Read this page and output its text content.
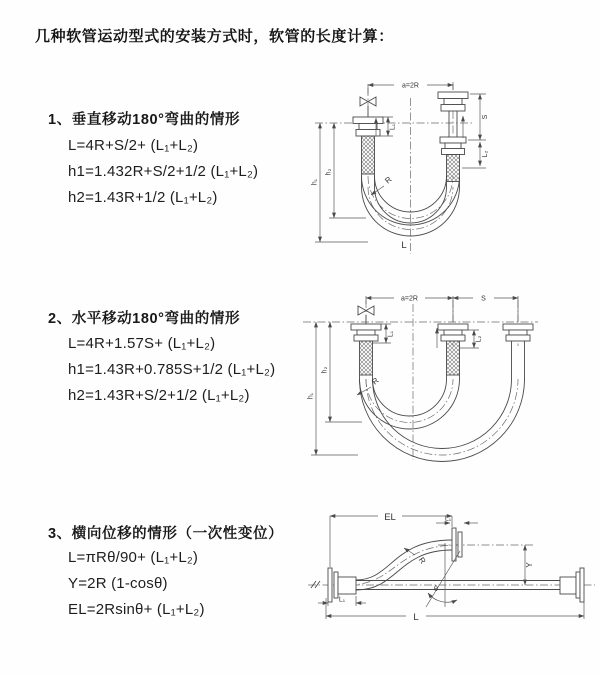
几种软管运动型式的安装方式时，软管的长度计算：
1、垂直移动180°弯曲的情形
L=4R+S/2+ (L₁+L₂)
h1=1.432R+S/2+1/2 (L₁+L₂)
h2=1.43R+1/2 (L₁+L₂)
2、水平移动180°弯曲的情形
L=4R+1.57S+ (L₁+L₂)
h1=1.43R+0.785S+1/2 (L₁+L₂)
h2=1.43R+S/2+1/2 (L₁+L₂)
3、横向位移的情形（一次性变位）
L=πRθ/90+ (L₁+L₂)
Y=2R (1-cosθ)
EL=2Rsinθ+ (L₁+L₂)
a=2R
S
L₂
L₁
h₁
h₂
R
L
a=2R	S
L₁
L₂
h₁
h₂
R
θ
EL	L₁
Y
R
L₁
L
